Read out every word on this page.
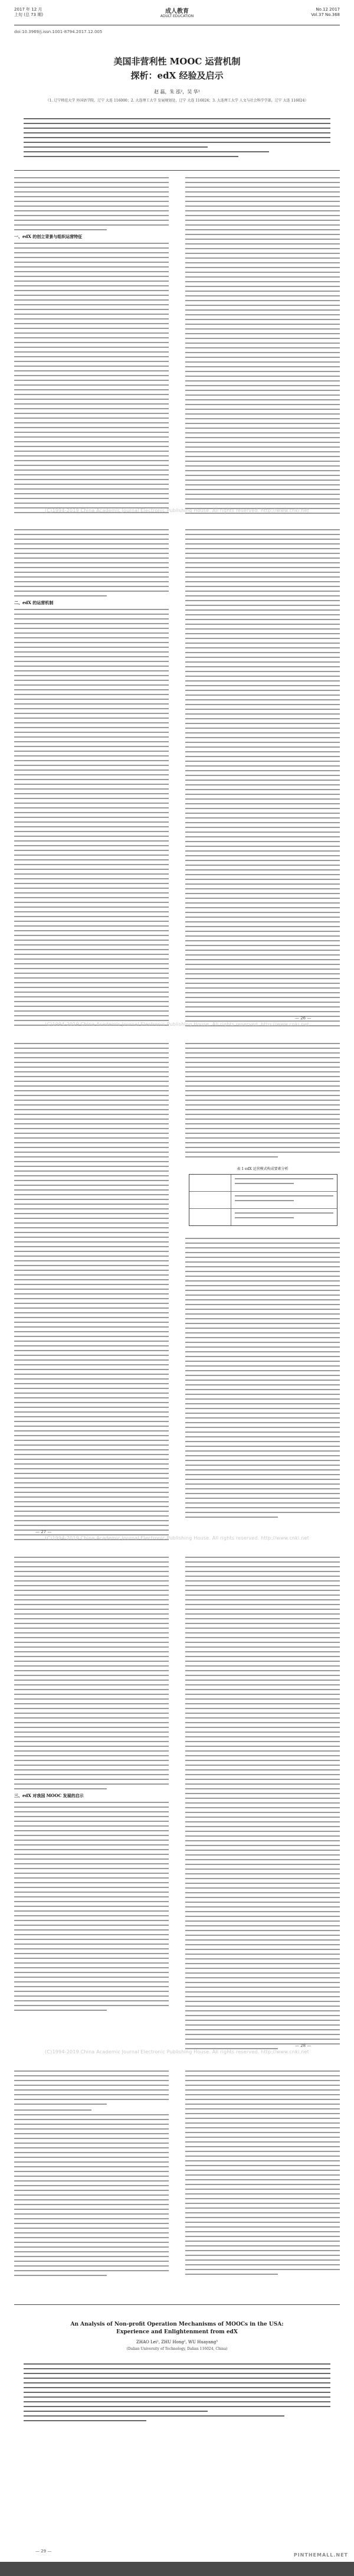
2017 年 12 月
上旬 (总 73 期)	成人教育
ADULT EDUCATION
No.12 2017
Vol.37 No.368
doi:10.3969/j.issn.1001-8794.2017.12.005
美国非营利性 MOOC 运营机制
探析：edX 经验及启示
赵 磊，朱 泓²，吴 华¹
（1. 辽宁师范大学 外国语学院，辽宁 大连 116000；2. 大连理工大学 发展规划处，辽宁 大连 116024；3. 大连理工大学 人文与社会科学学部，辽宁 大连 116024）
一、edX 的创立背景与组织运营特征
(C)1994-2019 China Academic Journal Electronic Publishing House. All rights reserved. http://www.cnki.net
二、edX 的运营机制
— 26 —
(C)1994-2019 China Academic Journal Electronic Publishing House. All rights reserved. http://www.cnki.net
表 1 edX 运营模式构成要素分析
— 27 —
(C)1994-2019 China Academic Journal Electronic Publishing House. All rights reserved. http://www.cnki.net
三、edX 对我国 MOOC 发展的启示
— 28 —
(C)1994-2019 China Academic Journal Electronic Publishing House. All rights reserved. http://www.cnki.net
— 29 —
An Analysis of Non-profit Operation Mechanisms of MOOCs in the USA:
Experience and Enlightenment from edX
ZHAO Lei¹, ZHU Hong², WU Huayang³
(Dalian University of Technology, Dalian 116024, China)
PINTHEMALL.NET
